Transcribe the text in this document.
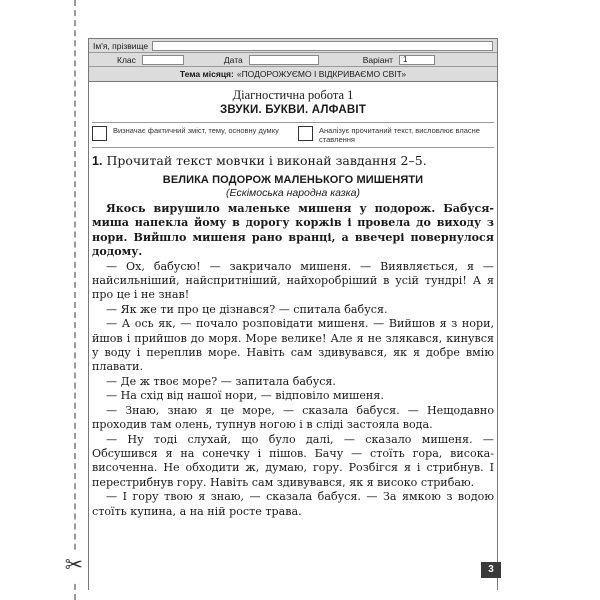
✂
Ім'я, прізвище
Клас	Дата	Варіант	1
Тема місяця: «ПОДОРОЖУЄМО І ВІДКРИВАЄМО СВІТ»
Діагностична робота 1
ЗВУКИ. БУКВИ. АЛФАВІТ
Визначає фактичний зміст, тему, основну думку	Аналізує прочитаний текст, висловлює власне ставлення
1. Прочитай текст мовчки і виконай завдання 2–5.
ВЕЛИКА ПОДОРОЖ МАЛЕНЬКОГО МИШЕНЯТИ
(Ескімоська народна казка)

Якось вирушило маленьке мишеня у подорож. Бабуся-миша напекла йому в дорогу коржів і провела до виходу з нори. Вийшло мишеня рано вранці, а ввечері повернулося додому.

— Ох, бабусю! — закричало мишеня. — Виявляється, я — найсильніший, найспритніший, найхоробріший в усій тундрі! А я про це і не знав!

— Як же ти про це дізнався? — спитала бабуся.

— А ось як, — почало розповідати мишеня. — Вийшов я з нори, йшов і прийшов до моря. Море велике! Але я не злякався, кинувся у воду і переплив море. Навіть сам здивувався, як я добре вмію плавати.

— Де ж твоє море? — запитала бабуся.

— На схід від нашої нори, — відповіло мишеня.

— Знаю, знаю я це море, — сказала бабуся. — Нещодавно проходив там олень, тупнув ногою і в сліді застояла вода.

— Ну тоді слухай, що було далі, — сказало мишеня. — Обсушився я на сонечку і пішов. Бачу — стоїть гора, висока-височенна. Не обходити ж, думаю, гору. Розбігся я і стрибнув. І перестрибнув гору. Навіть сам здивувався, як я високо стрибаю.

— І гору твою я знаю, — сказала бабуся. — За ямкою з водою стоїть купина, а на ній росте трава.

3
